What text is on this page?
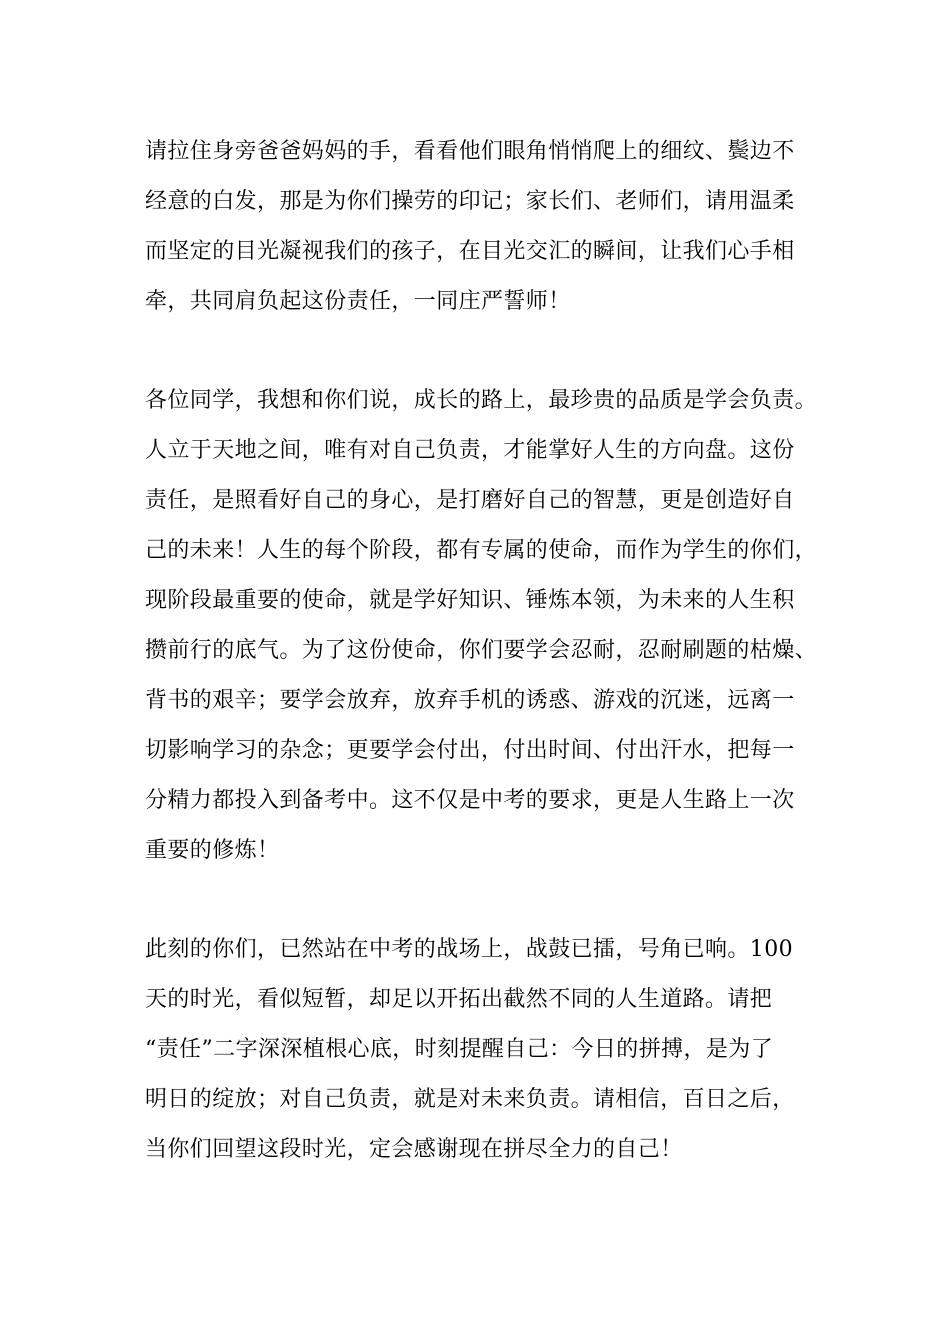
请拉住身旁爸爸妈妈的手，看看他们眼角悄悄爬上的细纹、鬓边不
经意的白发，那是为你们操劳的印记；家长们、老师们，请用温柔
而坚定的目光凝视我们的孩子，在目光交汇的瞬间，让我们心手相
牵，共同肩负起这份责任，一同庄严誓师！
各位同学，我想和你们说，成长的路上，最珍贵的品质是学会负责。
人立于天地之间，唯有对自己负责，才能掌好人生的方向盘。这份
责任，是照看好自己的身心，是打磨好自己的智慧，更是创造好自
己的未来！人生的每个阶段，都有专属的使命，而作为学生的你们，
现阶段最重要的使命，就是学好知识、锤炼本领，为未来的人生积
攒前行的底气。为了这份使命，你们要学会忍耐，忍耐刷题的枯燥、
背书的艰辛；要学会放弃，放弃手机的诱惑、游戏的沉迷，远离一
切影响学习的杂念；更要学会付出，付出时间、付出汗水，把每一
分精力都投入到备考中。这不仅是中考的要求，更是人生路上一次
重要的修炼！
此刻的你们，已然站在中考的战场上，战鼓已擂，号角已响。100
天的时光，看似短暂，却足以开拓出截然不同的人生道路。请把
“责任”二字深深植根心底，时刻提醒自己：今日的拼搏，是为了
明日的绽放；对自己负责，就是对未来负责。请相信，百日之后，
当你们回望这段时光，定会感谢现在拼尽全力的自己！
